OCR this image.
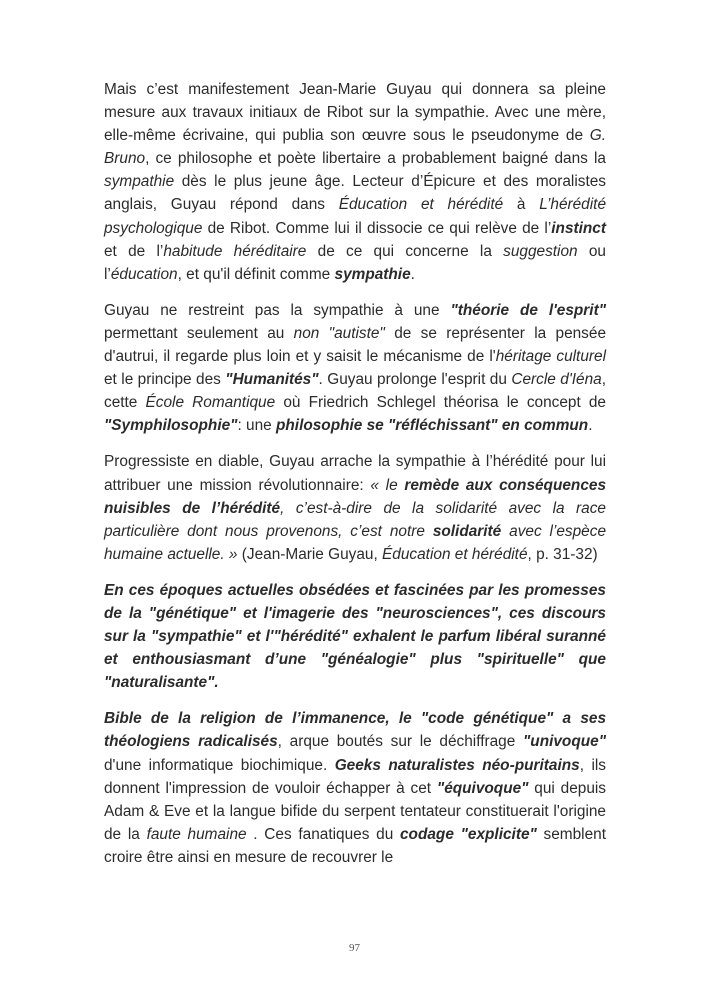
Mais c’est manifestement Jean-Marie Guyau qui donnera sa pleine mesure aux travaux initiaux de Ribot sur la sympathie. Avec une mère, elle-même écrivaine, qui publia son œuvre sous le pseudonyme de G. Bruno, ce philosophe et poète libertaire a probablement baigné dans la sympathie dès le plus jeune âge. Lecteur d’Épicure et des moralistes anglais, Guyau répond dans Éducation et hérédité à L’hérédité psychologique de Ribot. Comme lui il dissocie ce qui relève de l’instinct et de l’habitude héréditaire de ce qui concerne la suggestion ou l’éducation, et qu'il définit comme sympathie.

Guyau ne restreint pas la sympathie à une "théorie de l'esprit" permettant seulement au non "autiste" de se représenter la pensée d'autrui, il regarde plus loin et y saisit le mécanisme de l'héritage culturel et le principe des "Humanités". Guyau prolonge l'esprit du Cercle d'Iéna, cette École Romantique où Friedrich Schlegel théorisa le concept de "Symphilosophie": une philosophie se "réfléchissant" en commun.

Progressiste en diable, Guyau arrache la sympathie à l’hérédité pour lui attribuer une mission révolutionnaire: « le remède aux conséquences nuisibles de l’hérédité, c’est-à-dire de la solidarité avec la race particulière dont nous provenons, c’est notre solidarité avec l’espèce humaine actuelle. » (Jean-Marie Guyau, Éducation et hérédité, p. 31-32)

En ces époques actuelles obsédées et fascinées par les promesses de la "génétique" et l'imagerie des "neurosciences", ces discours sur la "sympathie" et l'"hérédité" exhalent le parfum libéral suranné et enthousiasmant d’une "généalogie" plus "spirituelle" que "naturalisante".

Bible de la religion de l’immanence, le "code génétique" a ses théologiens radicalisés, arque boutés sur le déchiffrage "univoque" d'une informatique biochimique. Geeks naturalistes néo-puritains, ils donnent l'impression de vouloir échapper à cet "équivoque" qui depuis Adam & Eve et la langue bifide du serpent tentateur constituerait l'origine de la faute humaine . Ces fanatiques du codage "explicite" semblent croire être ainsi en mesure de recouvrer le

97
